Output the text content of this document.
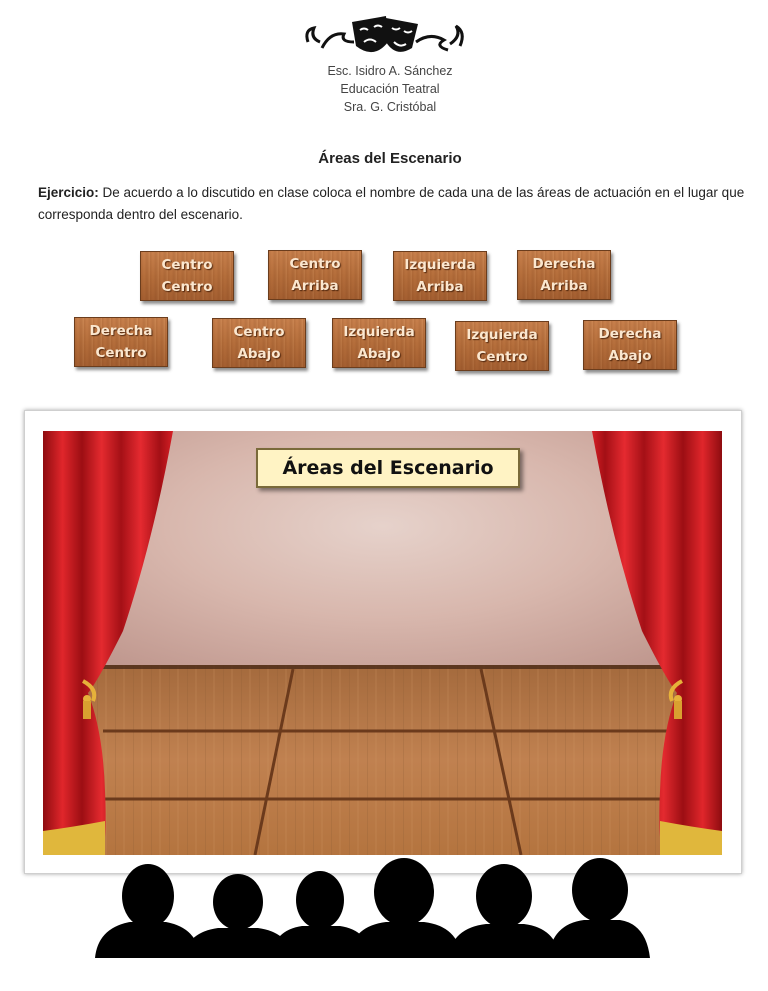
Esc. Isidro A. Sánchez
Educación Teatral
Sra. G. Cristóbal
Áreas del Escenario
Ejercicio: De acuerdo a lo discutido en clase coloca el nombre de cada una de las áreas de actuación en el lugar que corresponda dentro del escenario.
Centro
Centro
Centro
Arriba
Izquierda
Arriba
Derecha
Arriba
Derecha
Centro
Centro
Abajo
Izquierda
Abajo
Izquierda
Centro
Derecha
Abajo
Áreas del Escenario
